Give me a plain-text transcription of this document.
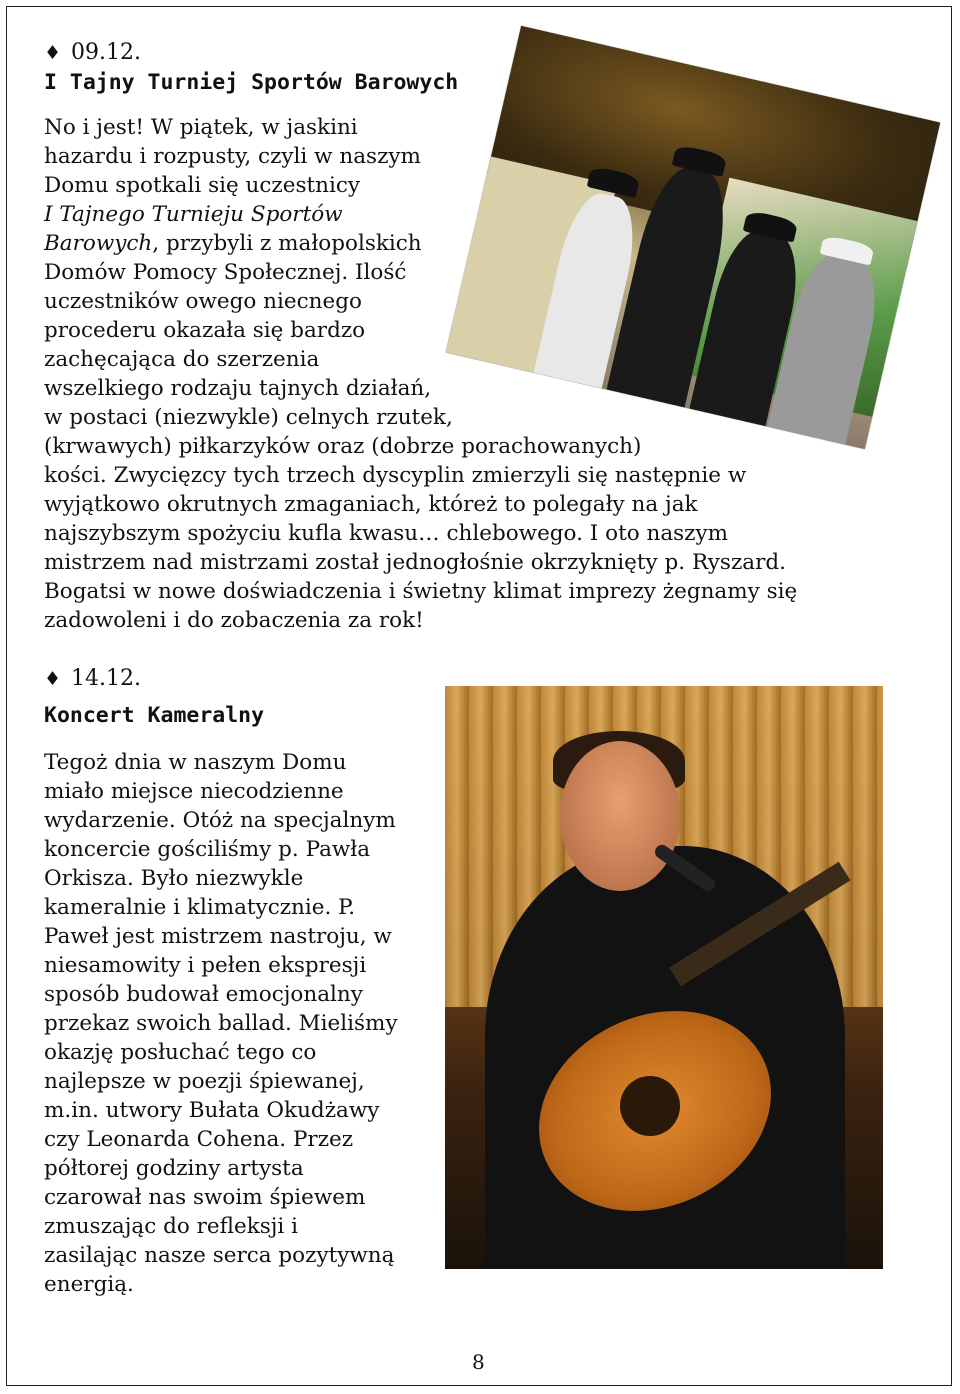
♦ 09.12.
I Tajny Turniej Sportów Barowych
No i jest! W piątek, w jaskini
hazardu i rozpusty, czyli w naszym
Domu spotkali się uczestnicy
I Tajnego Turnieju Sportów
Barowych, przybyli z małopolskich
Domów Pomocy Społecznej. Ilość
uczestników owego niecnego
procederu okazała się bardzo
zachęcająca do szerzenia
wszelkiego rodzaju tajnych działań,
w postaci (niezwykle) celnych rzutek,
(krwawych) piłkarzyków oraz (dobrze porachowanych)
kości. Zwycięzcy tych trzech dyscyplin zmierzyli się następnie w
wyjątkowo okrutnych zmaganiach, któreż to polegały na jak
najszybszym spożyciu kufla kwasu… chlebowego. I oto naszym
mistrzem nad mistrzami został jednogłośnie okrzyknięty p. Ryszard.
Bogatsi w nowe doświadczenia i świetny klimat imprezy żegnamy się
zadowoleni i do zobaczenia za rok!
♦ 14.12.
Koncert Kameralny
Tegoż dnia w naszym Domu
miało miejsce niecodzienne
wydarzenie. Otóż na specjalnym
koncercie gościliśmy p. Pawła
Orkisza. Było niezwykle
kameralnie i klimatycznie. P.
Paweł jest mistrzem nastroju, w
niesamowity i pełen ekspresji
sposób budował emocjonalny
przekaz swoich ballad. Mieliśmy
okazję posłuchać tego co
najlepsze w poezji śpiewanej,
m.in. utwory Bułata Okudżawy
czy Leonarda Cohena. Przez
półtorej godziny artysta
czarował nas swoim śpiewem
zmuszając do refleksji i
zasilając nasze serca pozytywną
energią.
8
